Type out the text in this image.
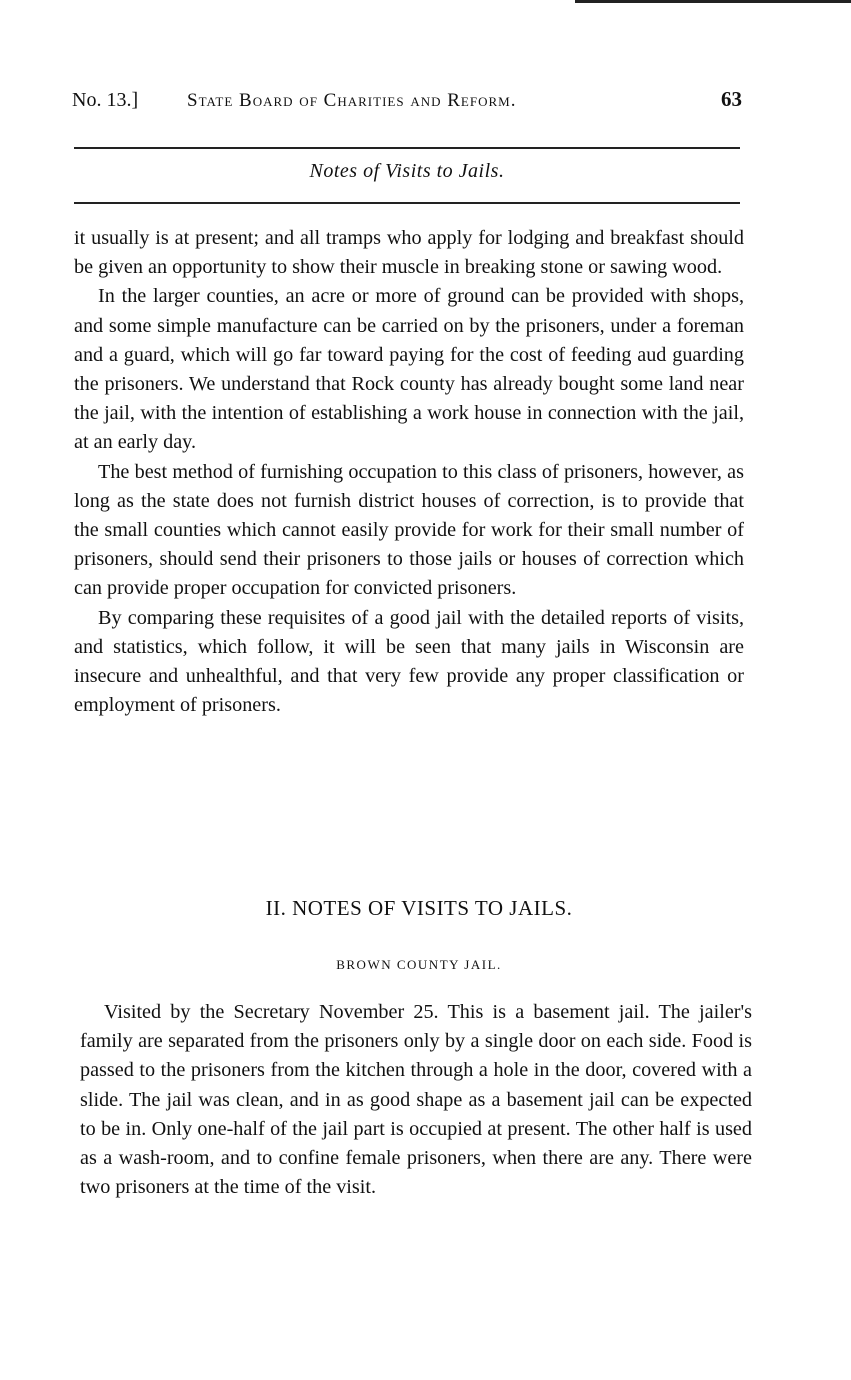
No. 13.]	State Board of Charities and Reform.	63
Notes of Visits to Jails.

it usually is at present; and all tramps who apply for lodging and breakfast should be given an opportunity to show their muscle in breaking stone or sawing wood.

In the larger counties, an acre or more of ground can be provided with shops, and some simple manufacture can be carried on by the prisoners, under a foreman and a guard, which will go far toward paying for the cost of feeding aud guarding the prisoners. We understand that Rock county has already bought some land near the jail, with the intention of establishing a work house in connection with the jail, at an early day.

The best method of furnishing occupation to this class of prisoners, however, as long as the state does not furnish district houses of correction, is to provide that the small counties which cannot easily provide for work for their small number of prisoners, should send their prisoners to those jails or houses of correction which can provide proper occupation for convicted prisoners.

By comparing these requisites of a good jail with the detailed reports of visits, and statistics, which follow, it will be seen that many jails in Wisconsin are insecure and unhealthful, and that very few provide any proper classification or employment of prisoners.

II. NOTES OF VISITS TO JAILS.
BROWN COUNTY JAIL.

Visited by the Secretary November 25. This is a basement jail. The jailer's family are separated from the prisoners only by a single door on each side. Food is passed to the prisoners from the kitchen through a hole in the door, covered with a slide. The jail was clean, and in as good shape as a basement jail can be expected to be in. Only one-half of the jail part is occupied at present. The other half is used as a wash-room, and to confine female prisoners, when there are any. There were two prisoners at the time of the visit.
